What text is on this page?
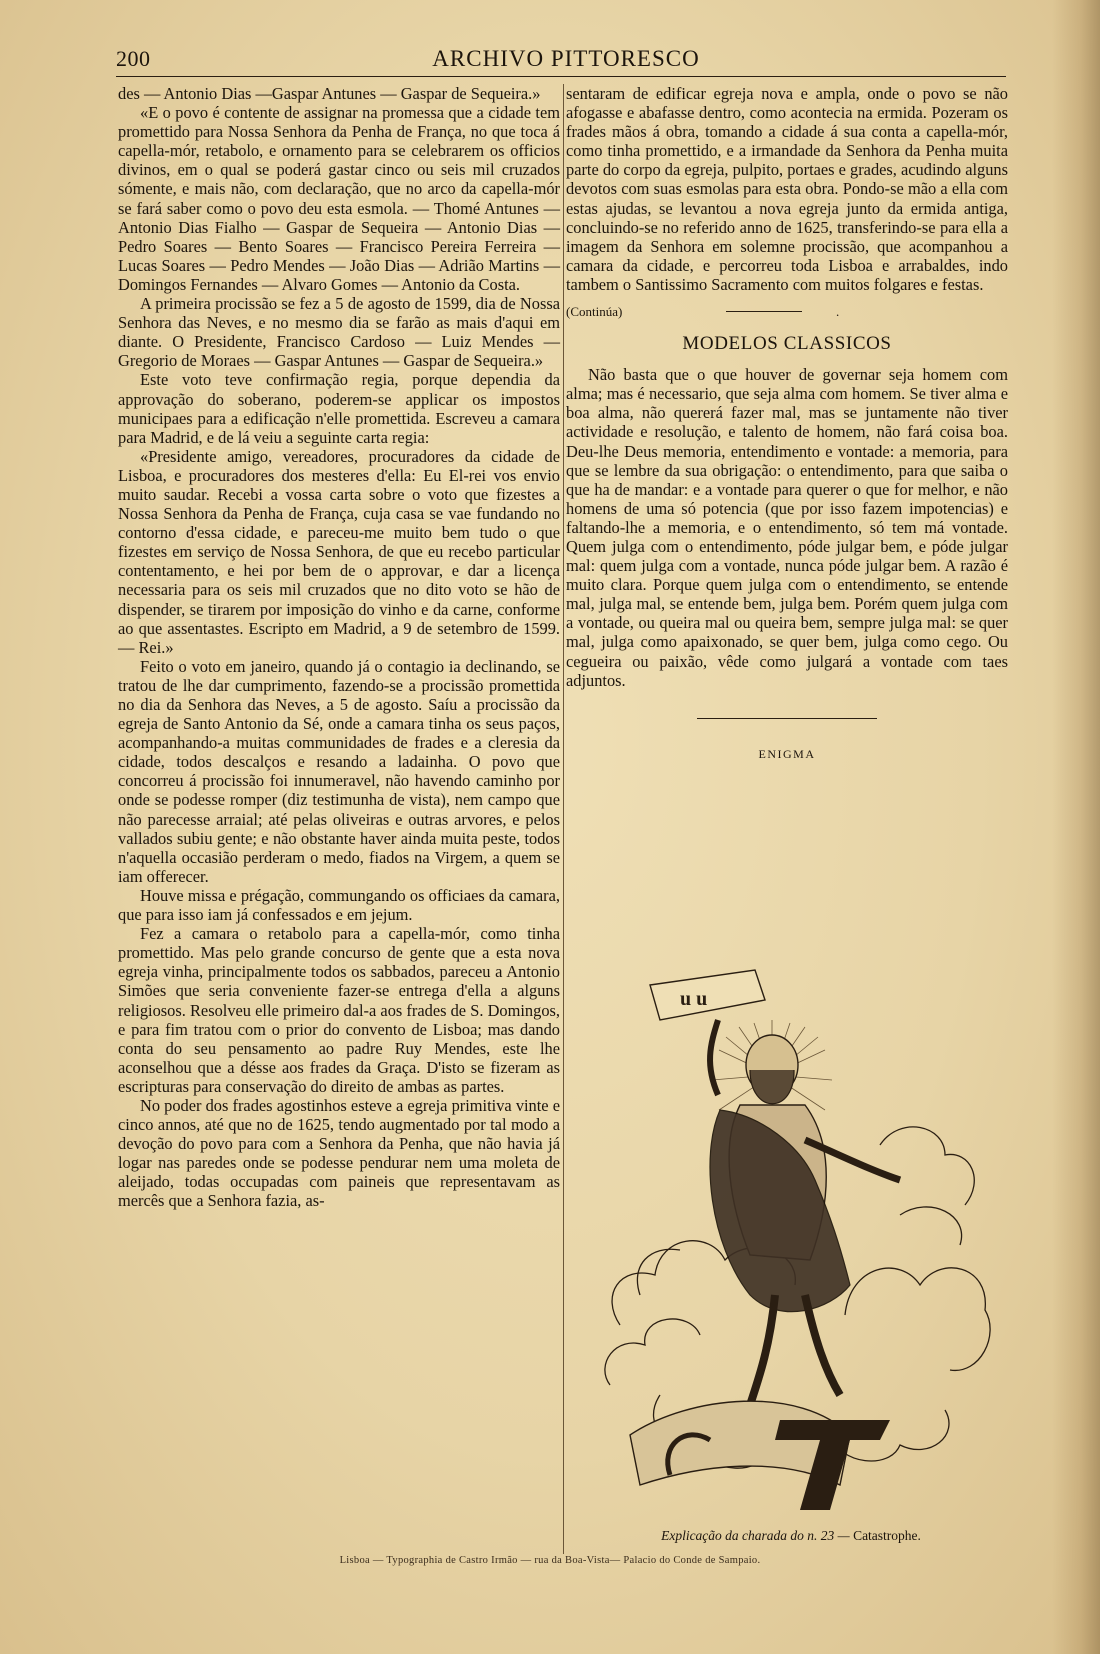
200	ARCHIVO PITTORESCO

des — Antonio Dias —Gaspar Antunes — Gaspar de Sequeira.»

«E o povo é contente de assignar na promessa que a cidade tem promettido para Nossa Senhora da Penha de França, no que toca á capella-mór, retabolo, e ornamento para se celebrarem os officios divinos, em o qual se poderá gastar cinco ou seis mil cruzados sómente, e mais não, com declaração, que no arco da capella-mór se fará saber como o povo deu esta esmola. — Thomé Antunes — Antonio Dias Fialho — Gaspar de Sequeira — Antonio Dias — Pedro Soares — Bento Soares — Francisco Pereira Ferreira — Lucas Soares — Pedro Mendes — João Dias — Adrião Martins — Domingos Fernandes — Alvaro Gomes — Antonio da Costa.

A primeira procissão se fez a 5 de agosto de 1599, dia de Nossa Senhora das Neves, e no mesmo dia se farão as mais d'aqui em diante. O Presidente, Francisco Cardoso — Luiz Mendes — Gregorio de Moraes — Gaspar Antunes — Gaspar de Sequeira.»

Este voto teve confirmação regia, porque dependia da approvação do soberano, poderem-se applicar os impostos municipaes para a edificação n'elle promettida. Escreveu a camara para Madrid, e de lá veiu a seguinte carta regia:

«Presidente amigo, vereadores, procuradores da cidade de Lisboa, e procuradores dos mesteres d'ella: Eu El-rei vos envio muito saudar. Recebi a vossa carta sobre o voto que fizestes a Nossa Senhora da Penha de França, cuja casa se vae fundando no contorno d'essa cidade, e pareceu-me muito bem tudo o que fizestes em serviço de Nossa Senhora, de que eu recebo particular contentamento, e hei por bem de o approvar, e dar a licença necessaria para os seis mil cruzados que no dito voto se hão de dispender, se tirarem por imposição do vinho e da carne, conforme ao que assentastes. Escripto em Madrid, a 9 de setembro de 1599. — Rei.»

Feito o voto em janeiro, quando já o contagio ia declinando, se tratou de lhe dar cumprimento, fazendo-se a procissão promettida no dia da Senhora das Neves, a 5 de agosto. Saíu a procissão da egreja de Santo Antonio da Sé, onde a camara tinha os seus paços, acompanhando-a muitas communidades de frades e a cleresia da cidade, todos descalços e resando a ladainha. O povo que concorreu á procissão foi innumeravel, não havendo caminho por onde se podesse romper (diz testimunha de vista), nem campo que não parecesse arraial; até pelas oliveiras e outras arvores, e pelos vallados subiu gente; e não obstante haver ainda muita peste, todos n'aquella occasião perderam o medo, fiados na Virgem, a quem se iam offerecer.

Houve missa e prégação, commungando os officiaes da camara, que para isso iam já confessados e em jejum.

Fez a camara o retabolo para a capella-mór, como tinha promettido. Mas pelo grande concurso de gente que a esta nova egreja vinha, principalmente todos os sabbados, pareceu a Antonio Simões que seria conveniente fazer-se entrega d'ella a alguns religiosos. Resolveu elle primeiro dal-a aos frades de S. Domingos, e para fim tratou com o prior do convento de Lisboa; mas dando conta do seu pensamento ao padre Ruy Mendes, este lhe aconselhou que a désse aos frades da Graça. D'isto se fizeram as escripturas para conservação do direito de ambas as partes.

No poder dos frades agostinhos esteve a egreja primitiva vinte e cinco annos, até que no de 1625, tendo augmentado por tal modo a devoção do povo para com a Senhora da Penha, que não havia já logar nas paredes onde se podesse pendurar nem uma moleta de aleijado, todas occupadas com paineis que representavam as mercês que a Senhora fazia, as-

sentaram de edificar egreja nova e ampla, onde o povo se não afogasse e abafasse dentro, como acontecia na ermida. Pozeram os frades mãos á obra, tomando a cidade á sua conta a capella-mór, como tinha promettido, e a irmandade da Senhora da Penha muita parte do corpo da egreja, pulpito, portaes e grades, acudindo alguns devotos com suas esmolas para esta obra. Pondo-se mão a ella com estas ajudas, se levantou a nova egreja junto da ermida antiga, concluindo-se no referido anno de 1625, transferindo-se para ella a imagem da Senhora em solemne procissão, que acompanhou a camara da cidade, e percorreu toda Lisboa e arrabaldes, indo tambem o Santissimo Sacramento com muitos folgares e festas.

(Continúa)	.
MODELOS CLASSICOS

Não basta que o que houver de governar seja homem com alma; mas é necessario, que seja alma com homem. Se tiver alma e boa alma, não quererá fazer mal, mas se juntamente não tiver actividade e resolução, e talento de homem, não fará coisa boa. Deu-lhe Deus memoria, entendimento e vontade: a memoria, para que se lembre da sua obrigação: o entendimento, para que saiba o que ha de mandar: e a vontade para querer o que for melhor, e não homens de uma só potencia (que por isso fazem impotencias) e faltando-lhe a memoria, e o entendimento, só tem má vontade. Quem julga com o entendimento, póde julgar bem, e póde julgar mal: quem julga com a vontade, nunca póde julgar bem. A razão é muito clara. Porque quem julga com o entendimento, se entende mal, julga mal, se entende bem, julga bem. Porém quem julga com a vontade, ou queira mal ou queira bem, sempre julga mal: se quer mal, julga como apaixonado, se quer bem, julga como cego. Ou cegueira ou paixão, vêde como julgará a vontade com taes adjuntos.

ENIGMA
u u
Explicação da charada do n. 23 — Catastrophe.
Lisboa — Typographia de Castro Irmão — rua da Boa-Vista— Palacio do Conde de Sampaio.
